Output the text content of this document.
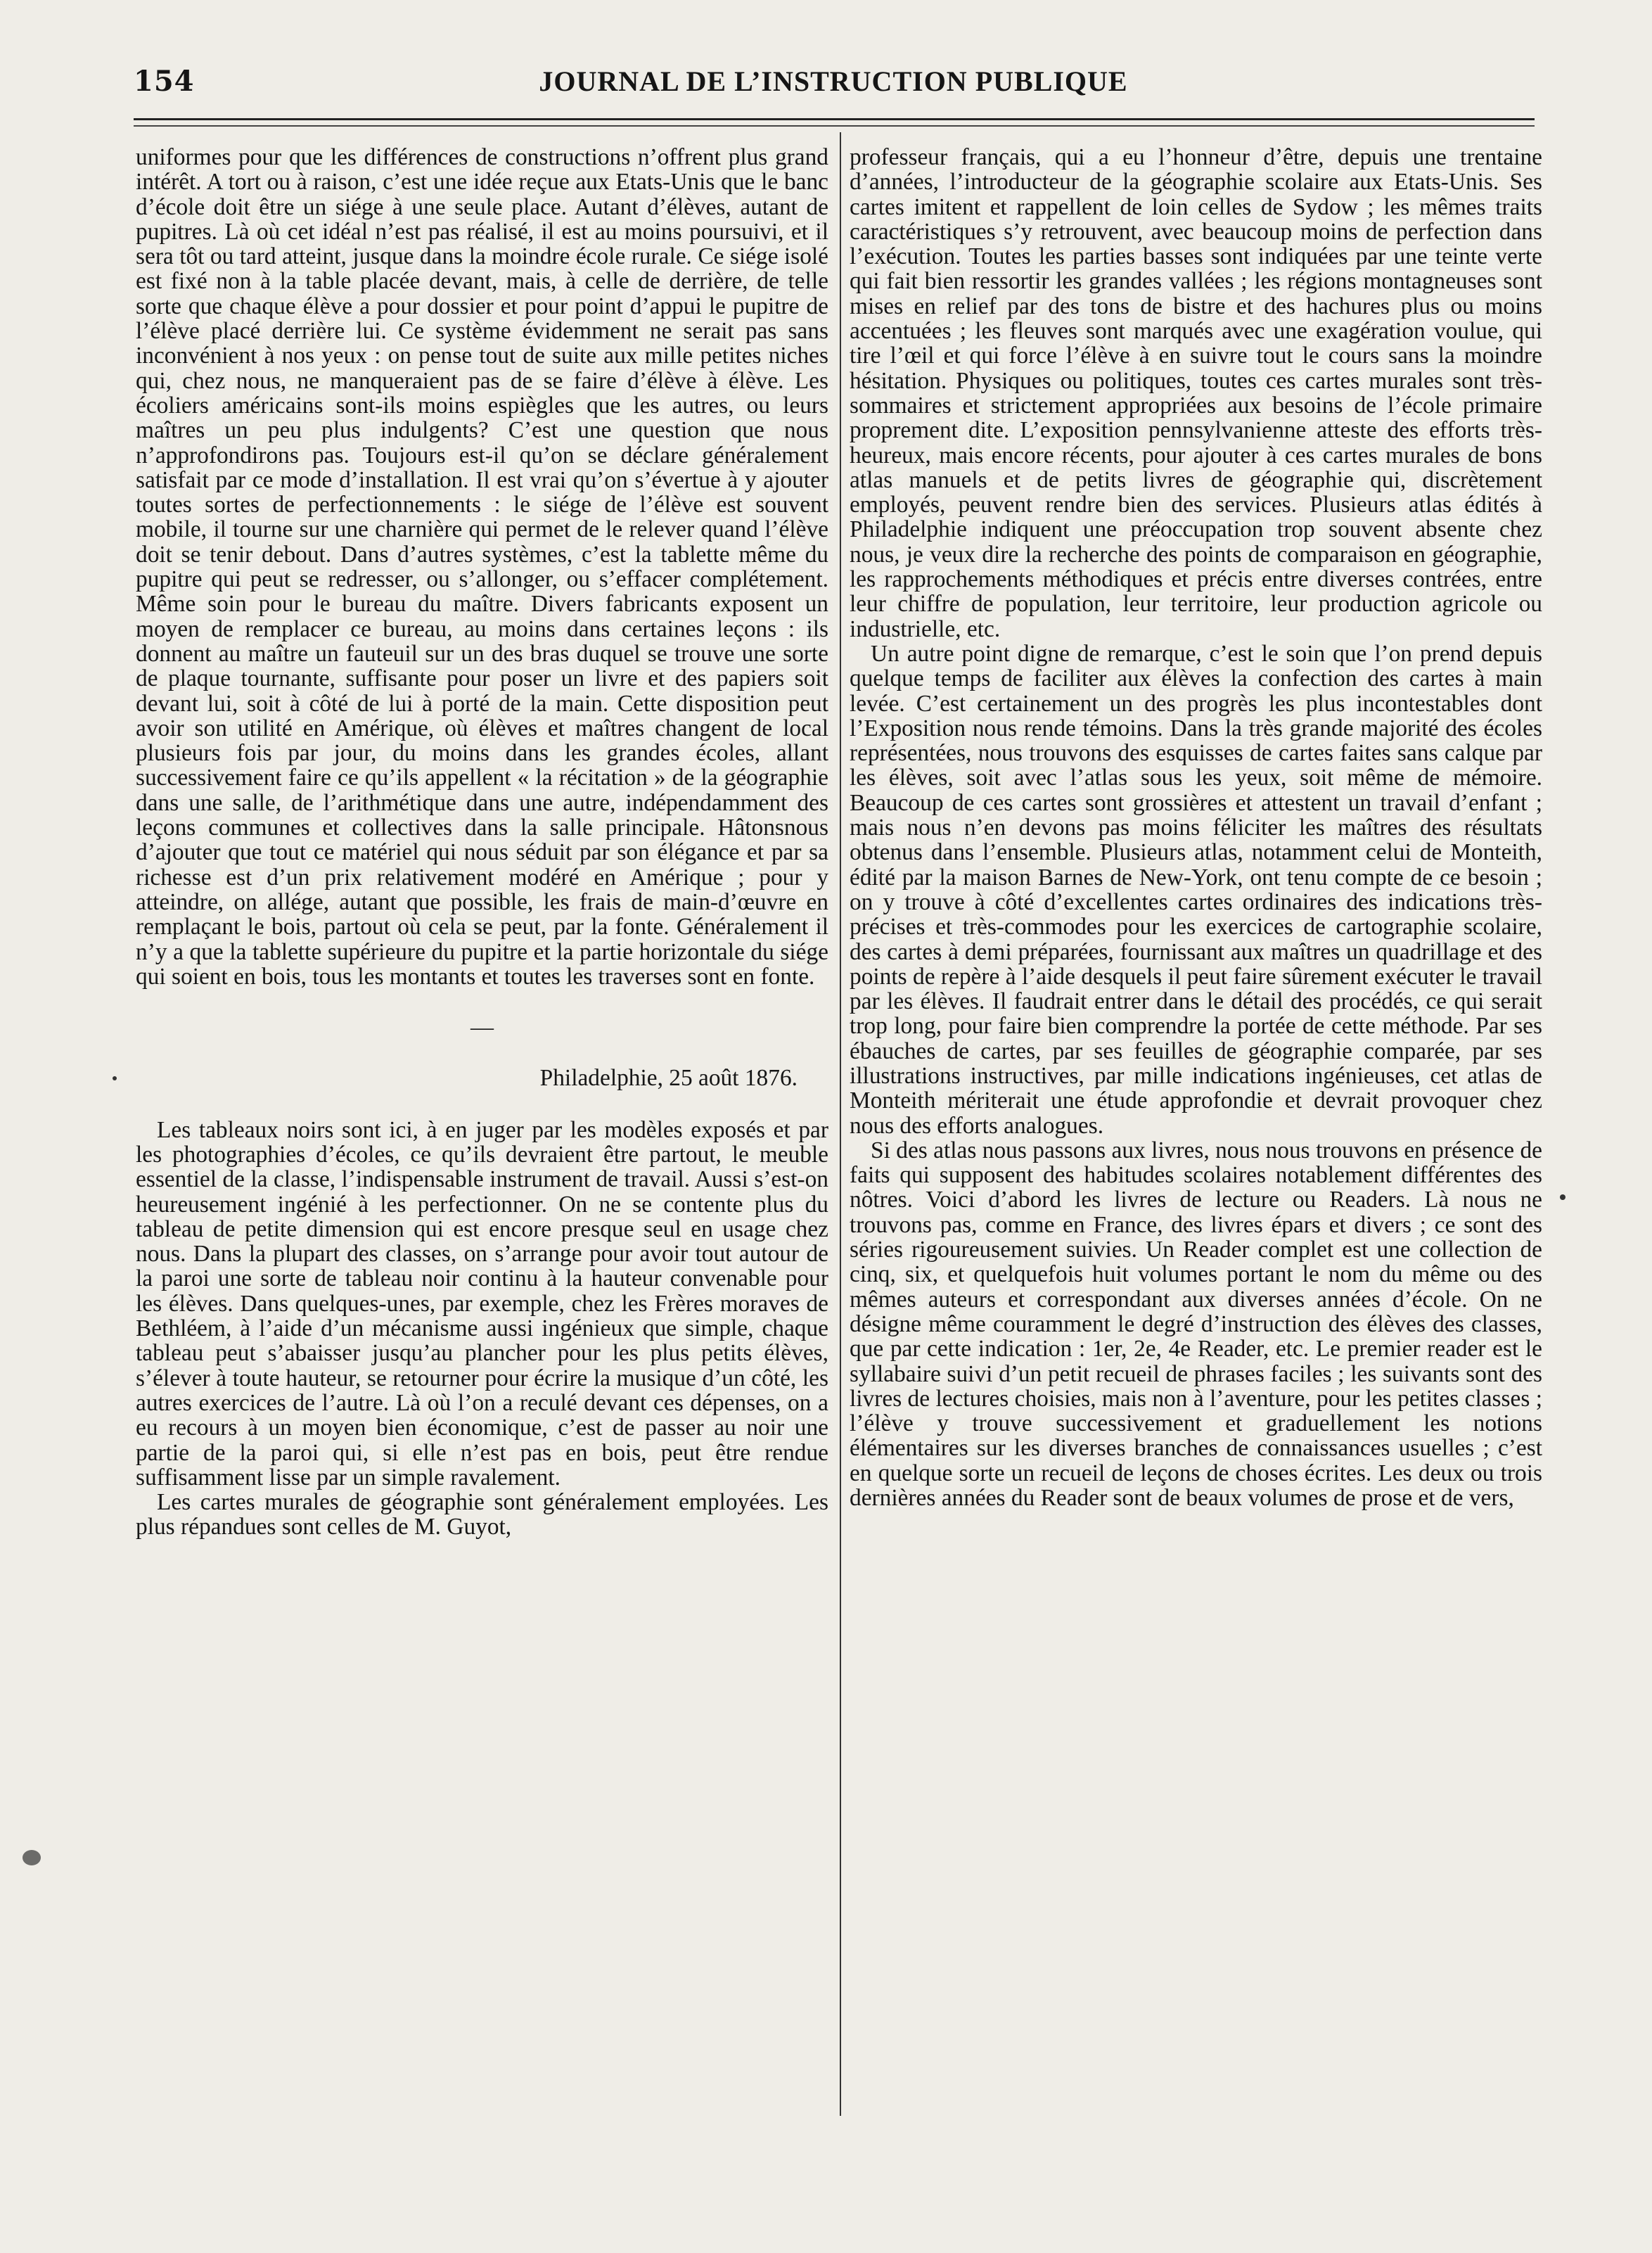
154	JOURNAL DE L’INSTRUCTION PUBLIQUE

uniformes pour que les différences de constructions n’offrent plus grand intérêt. A tort ou à raison, c’est une idée reçue aux Etats-Unis que le banc d’école doit être un siége à une seule place. Autant d’élèves, autant de pupitres. Là où cet idéal n’est pas réalisé, il est au moins poursuivi, et il sera tôt ou tard atteint, jusque dans la moindre école rurale. Ce siége isolé est fixé non à la table placée devant, mais, à celle de derrière, de telle sorte que chaque élève a pour dossier et pour point d’appui le pupitre de l’élève placé derrière lui. Ce système évidemment ne serait pas sans inconvénient à nos yeux : on pense tout de suite aux mille petites niches qui, chez nous, ne manqueraient pas de se faire d’élève à élève. Les écoliers américains sont-ils moins espiègles que les autres, ou leurs maîtres un peu plus indulgents? C’est une question que nous n’approfondirons pas. Toujours est-il qu’on se déclare généralement satisfait par ce mode d’installation. Il est vrai qu’on s’évertue à y ajouter toutes sortes de perfectionnements : le siége de l’élève est souvent mobile, il tourne sur une charnière qui permet de le relever quand l’élève doit se tenir debout. Dans d’autres systèmes, c’est la tablette même du pupitre qui peut se redresser, ou s’allonger, ou s’effacer complétement. Même soin pour le bureau du maître. Divers fabricants exposent un moyen de remplacer ce bureau, au moins dans certaines leçons : ils donnent au maître un fauteuil sur un des bras duquel se trouve une sorte de plaque tournante, suffisante pour poser un livre et des papiers soit devant lui, soit à côté de lui à porté de la main. Cette disposition peut avoir son utilité en Amérique, où élèves et maîtres changent de local plusieurs fois par jour, du moins dans les grandes écoles, allant successivement faire ce qu’ils appellent « la récitation » de la géographie dans une salle, de l’arithmétique dans une autre, indépendamment des leçons communes et collectives dans la salle principale. Hâtonsnous d’ajouter que tout ce matériel qui nous séduit par son élégance et par sa richesse est d’un prix relativement modéré en Amérique ; pour y atteindre, on allége, autant que possible, les frais de main-d’œuvre en remplaçant le bois, partout où cela se peut, par la fonte. Généralement il n’y a que la tablette supérieure du pupitre et la partie horizontale du siége qui soient en bois, tous les montants et toutes les traverses sont en fonte.

—
Philadelphie, 25 août 1876.

Les tableaux noirs sont ici, à en juger par les modèles exposés et par les photographies d’écoles, ce qu’ils devraient être partout, le meuble essentiel de la classe, l’indispensable instrument de travail. Aussi s’est-on heureusement ingénié à les perfectionner. On ne se contente plus du tableau de petite dimension qui est encore presque seul en usage chez nous. Dans la plupart des classes, on s’arrange pour avoir tout autour de la paroi une sorte de tableau noir continu à la hauteur convenable pour les élèves. Dans quelques-unes, par exemple, chez les Frères moraves de Bethléem, à l’aide d’un mécanisme aussi ingénieux que simple, chaque tableau peut s’abaisser jusqu’au plancher pour les plus petits élèves, s’élever à toute hauteur, se retourner pour écrire la musique d’un côté, les autres exercices de l’autre. Là où l’on a reculé devant ces dépenses, on a eu recours à un moyen bien économique, c’est de passer au noir une partie de la paroi qui, si elle n’est pas en bois, peut être rendue suffisamment lisse par un simple ravalement.

Les cartes murales de géographie sont généralement employées. Les plus répandues sont celles de M. Guyot,

professeur français, qui a eu l’honneur d’être, depuis une trentaine d’années, l’introducteur de la géographie scolaire aux Etats-Unis. Ses cartes imitent et rappellent de loin celles de Sydow ; les mêmes traits caractéristiques s’y retrouvent, avec beaucoup moins de perfection dans l’exécution. Toutes les parties basses sont indiquées par une teinte verte qui fait bien ressortir les grandes vallées ; les régions montagneuses sont mises en relief par des tons de bistre et des hachures plus ou moins accentuées ; les fleuves sont marqués avec une exagération voulue, qui tire l’œil et qui force l’élève à en suivre tout le cours sans la moindre hésitation. Physiques ou politiques, toutes ces cartes murales sont très-sommaires et strictement appropriées aux besoins de l’école primaire proprement dite. L’exposition pennsylvanienne atteste des efforts très-heureux, mais encore récents, pour ajouter à ces cartes murales de bons atlas manuels et de petits livres de géographie qui, discrètement employés, peuvent rendre bien des services. Plusieurs atlas édités à Philadelphie indiquent une préoccupation trop souvent absente chez nous, je veux dire la recherche des points de comparaison en géographie, les rapprochements méthodiques et précis entre diverses contrées, entre leur chiffre de population, leur territoire, leur production agricole ou industrielle, etc.

Un autre point digne de remarque, c’est le soin que l’on prend depuis quelque temps de faciliter aux élèves la confection des cartes à main levée. C’est certainement un des progrès les plus incontestables dont l’Exposition nous rende témoins. Dans la très grande majorité des écoles représentées, nous trouvons des esquisses de cartes faites sans calque par les élèves, soit avec l’atlas sous les yeux, soit même de mémoire. Beaucoup de ces cartes sont grossières et attestent un travail d’enfant ; mais nous n’en devons pas moins féliciter les maîtres des résultats obtenus dans l’ensemble. Plusieurs atlas, notamment celui de Monteith, édité par la maison Barnes de New-York, ont tenu compte de ce besoin ; on y trouve à côté d’excellentes cartes ordinaires des indications très-précises et très-commodes pour les exercices de cartographie scolaire, des cartes à demi préparées, fournissant aux maîtres un quadrillage et des points de repère à l’aide desquels il peut faire sûrement exécuter le travail par les élèves. Il faudrait entrer dans le détail des procédés, ce qui serait trop long, pour faire bien comprendre la portée de cette méthode. Par ses ébauches de cartes, par ses feuilles de géographie comparée, par ses illustrations instructives, par mille indications ingénieuses, cet atlas de Monteith mériterait une étude approfondie et devrait provoquer chez nous des efforts analogues.

Si des atlas nous passons aux livres, nous nous trouvons en présence de faits qui supposent des habitudes scolaires notablement différentes des nôtres. Voici d’abord les livres de lecture ou Readers. Là nous ne trouvons pas, comme en France, des livres épars et divers ; ce sont des séries rigoureusement suivies. Un Reader complet est une collection de cinq, six, et quelquefois huit volumes portant le nom du même ou des mêmes auteurs et correspondant aux diverses années d’école. On ne désigne même couramment le degré d’instruction des élèves des classes, que par cette indication : 1er, 2e, 4e Reader, etc. Le premier reader est le syllabaire suivi d’un petit recueil de phrases faciles ; les suivants sont des livres de lectures choisies, mais non à l’aventure, pour les petites classes ; l’élève y trouve successivement et graduellement les notions élémentaires sur les diverses branches de connaissances usuelles ; c’est en quelque sorte un recueil de leçons de choses écrites. Les deux ou trois dernières années du Reader sont de beaux volumes de prose et de vers,
